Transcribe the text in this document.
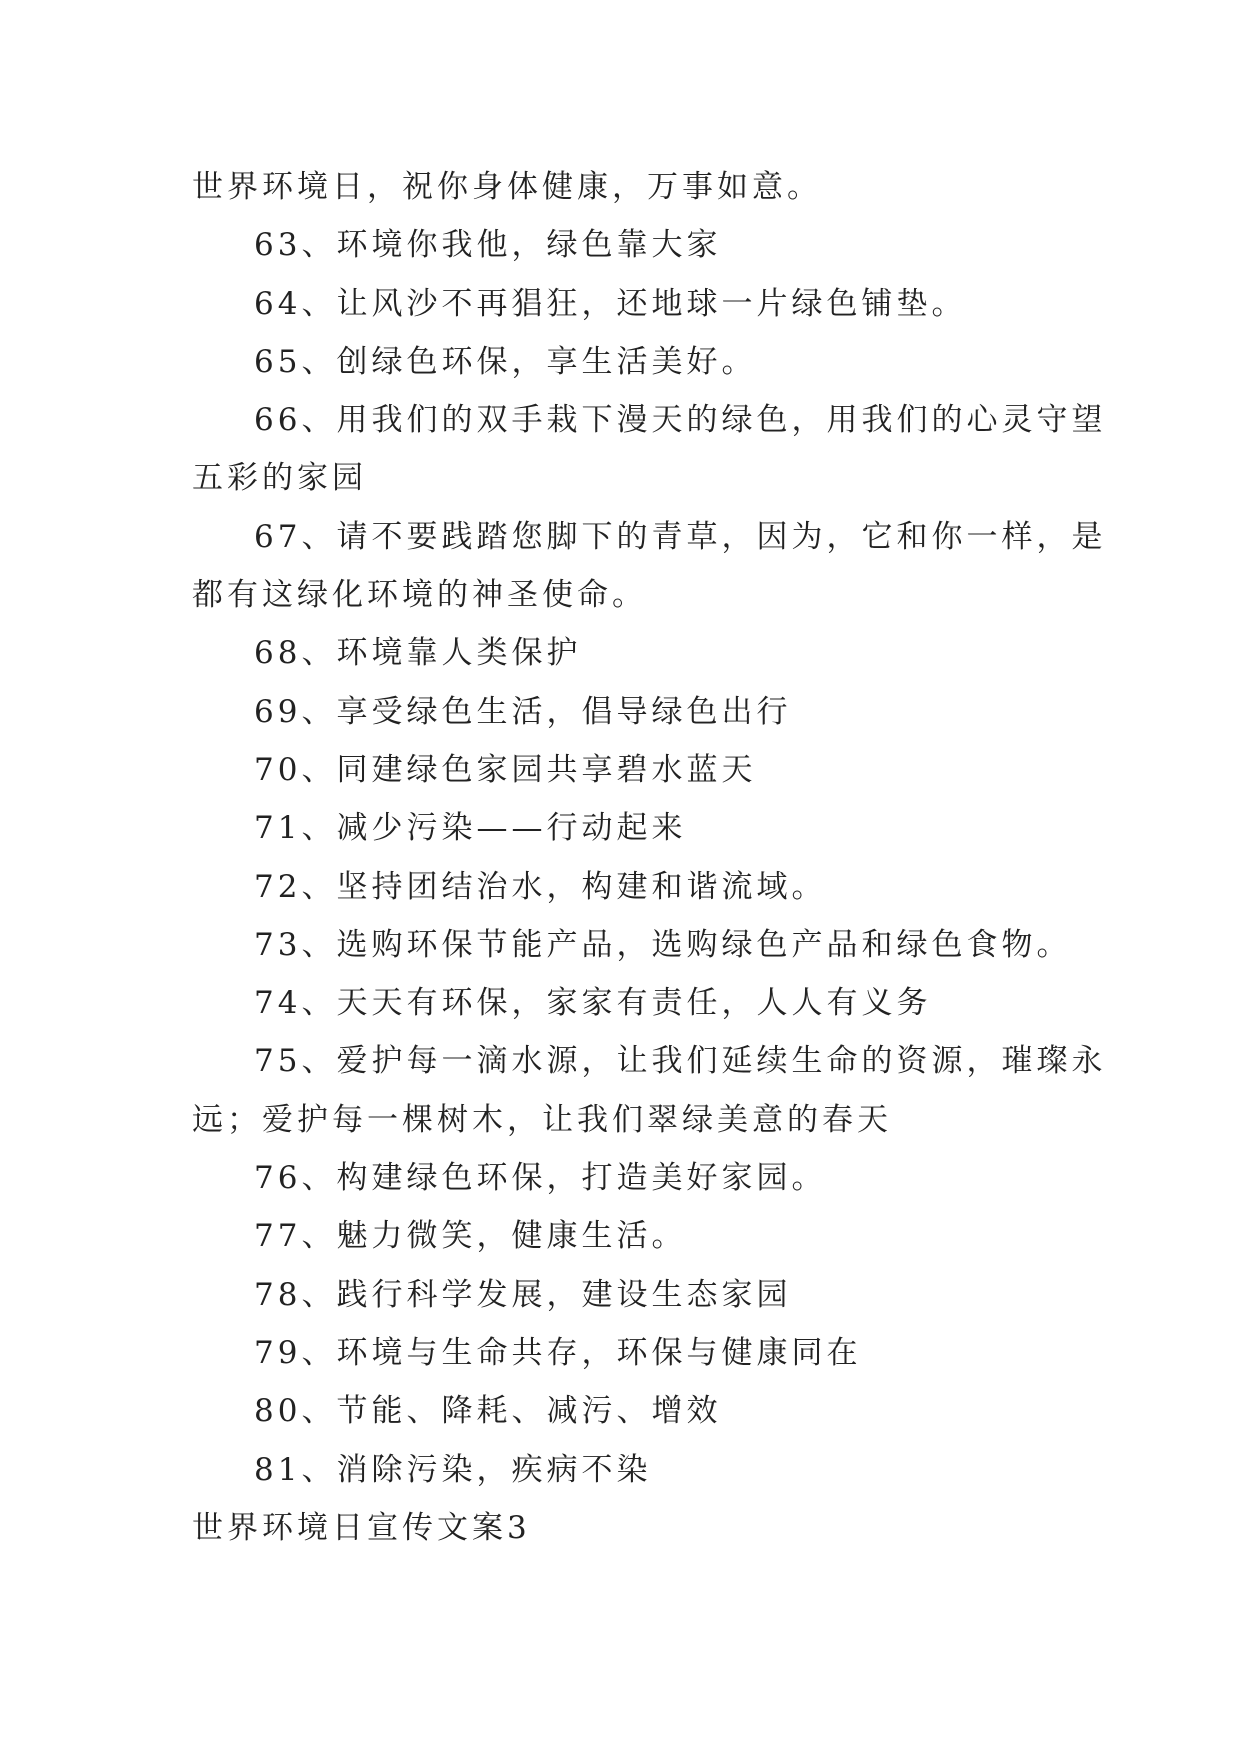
世界环境日，祝你身体健康，万事如意。
63、环境你我他，绿色靠大家
64、让风沙不再猖狂，还地球一片绿色铺垫。
65、创绿色环保，享生活美好。
66、用我们的双手栽下漫天的绿色，用我们的心灵守望
五彩的家园
67、请不要践踏您脚下的青草，因为，它和你一样，是
都有这绿化环境的神圣使命。
68、环境靠人类保护
69、享受绿色生活，倡导绿色出行
70、同建绿色家园共享碧水蓝天
71、减少污染——行动起来
72、坚持团结治水，构建和谐流域。
73、选购环保节能产品，选购绿色产品和绿色食物。
74、天天有环保，家家有责任，人人有义务
75、爱护每一滴水源，让我们延续生命的资源，璀璨永
远；爱护每一棵树木，让我们翠绿美意的春天
76、构建绿色环保，打造美好家园。
77、魅力微笑，健康生活。
78、践行科学发展，建设生态家园
79、环境与生命共存，环保与健康同在
80、节能、降耗、减污、增效
81、消除污染，疾病不染
世界环境日宣传文案3
